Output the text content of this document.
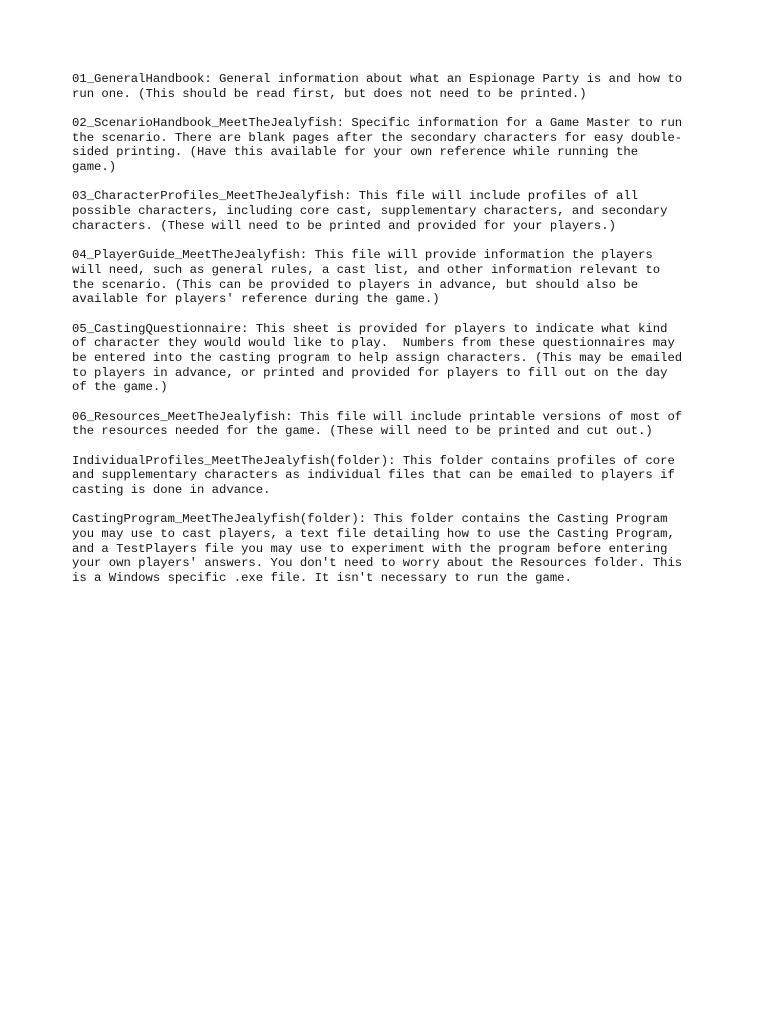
01_GeneralHandbook: General information about what an Espionage Party is and how to
run one. (This should be read first, but does not need to be printed.)

02_ScenarioHandbook_MeetTheJealyfish: Specific information for a Game Master to run
the scenario. There are blank pages after the secondary characters for easy double-
sided printing. (Have this available for your own reference while running the
game.)

03_CharacterProfiles_MeetTheJealyfish: This file will include profiles of all
possible characters, including core cast, supplementary characters, and secondary
characters. (These will need to be printed and provided for your players.)

04_PlayerGuide_MeetTheJealyfish: This file will provide information the players
will need, such as general rules, a cast list, and other information relevant to
the scenario. (This can be provided to players in advance, but should also be
available for players' reference during the game.)

05_CastingQuestionnaire: This sheet is provided for players to indicate what kind
of character they would would like to play.  Numbers from these questionnaires may
be entered into the casting program to help assign characters. (This may be emailed
to players in advance, or printed and provided for players to fill out on the day
of the game.)

06_Resources_MeetTheJealyfish: This file will include printable versions of most of
the resources needed for the game. (These will need to be printed and cut out.)

IndividualProfiles_MeetTheJealyfish(folder): This folder contains profiles of core
and supplementary characters as individual files that can be emailed to players if
casting is done in advance.

CastingProgram_MeetTheJealyfish(folder): This folder contains the Casting Program
you may use to cast players, a text file detailing how to use the Casting Program,
and a TestPlayers file you may use to experiment with the program before entering
your own players' answers. You don't need to worry about the Resources folder. This
is a Windows specific .exe file. It isn't necessary to run the game.
